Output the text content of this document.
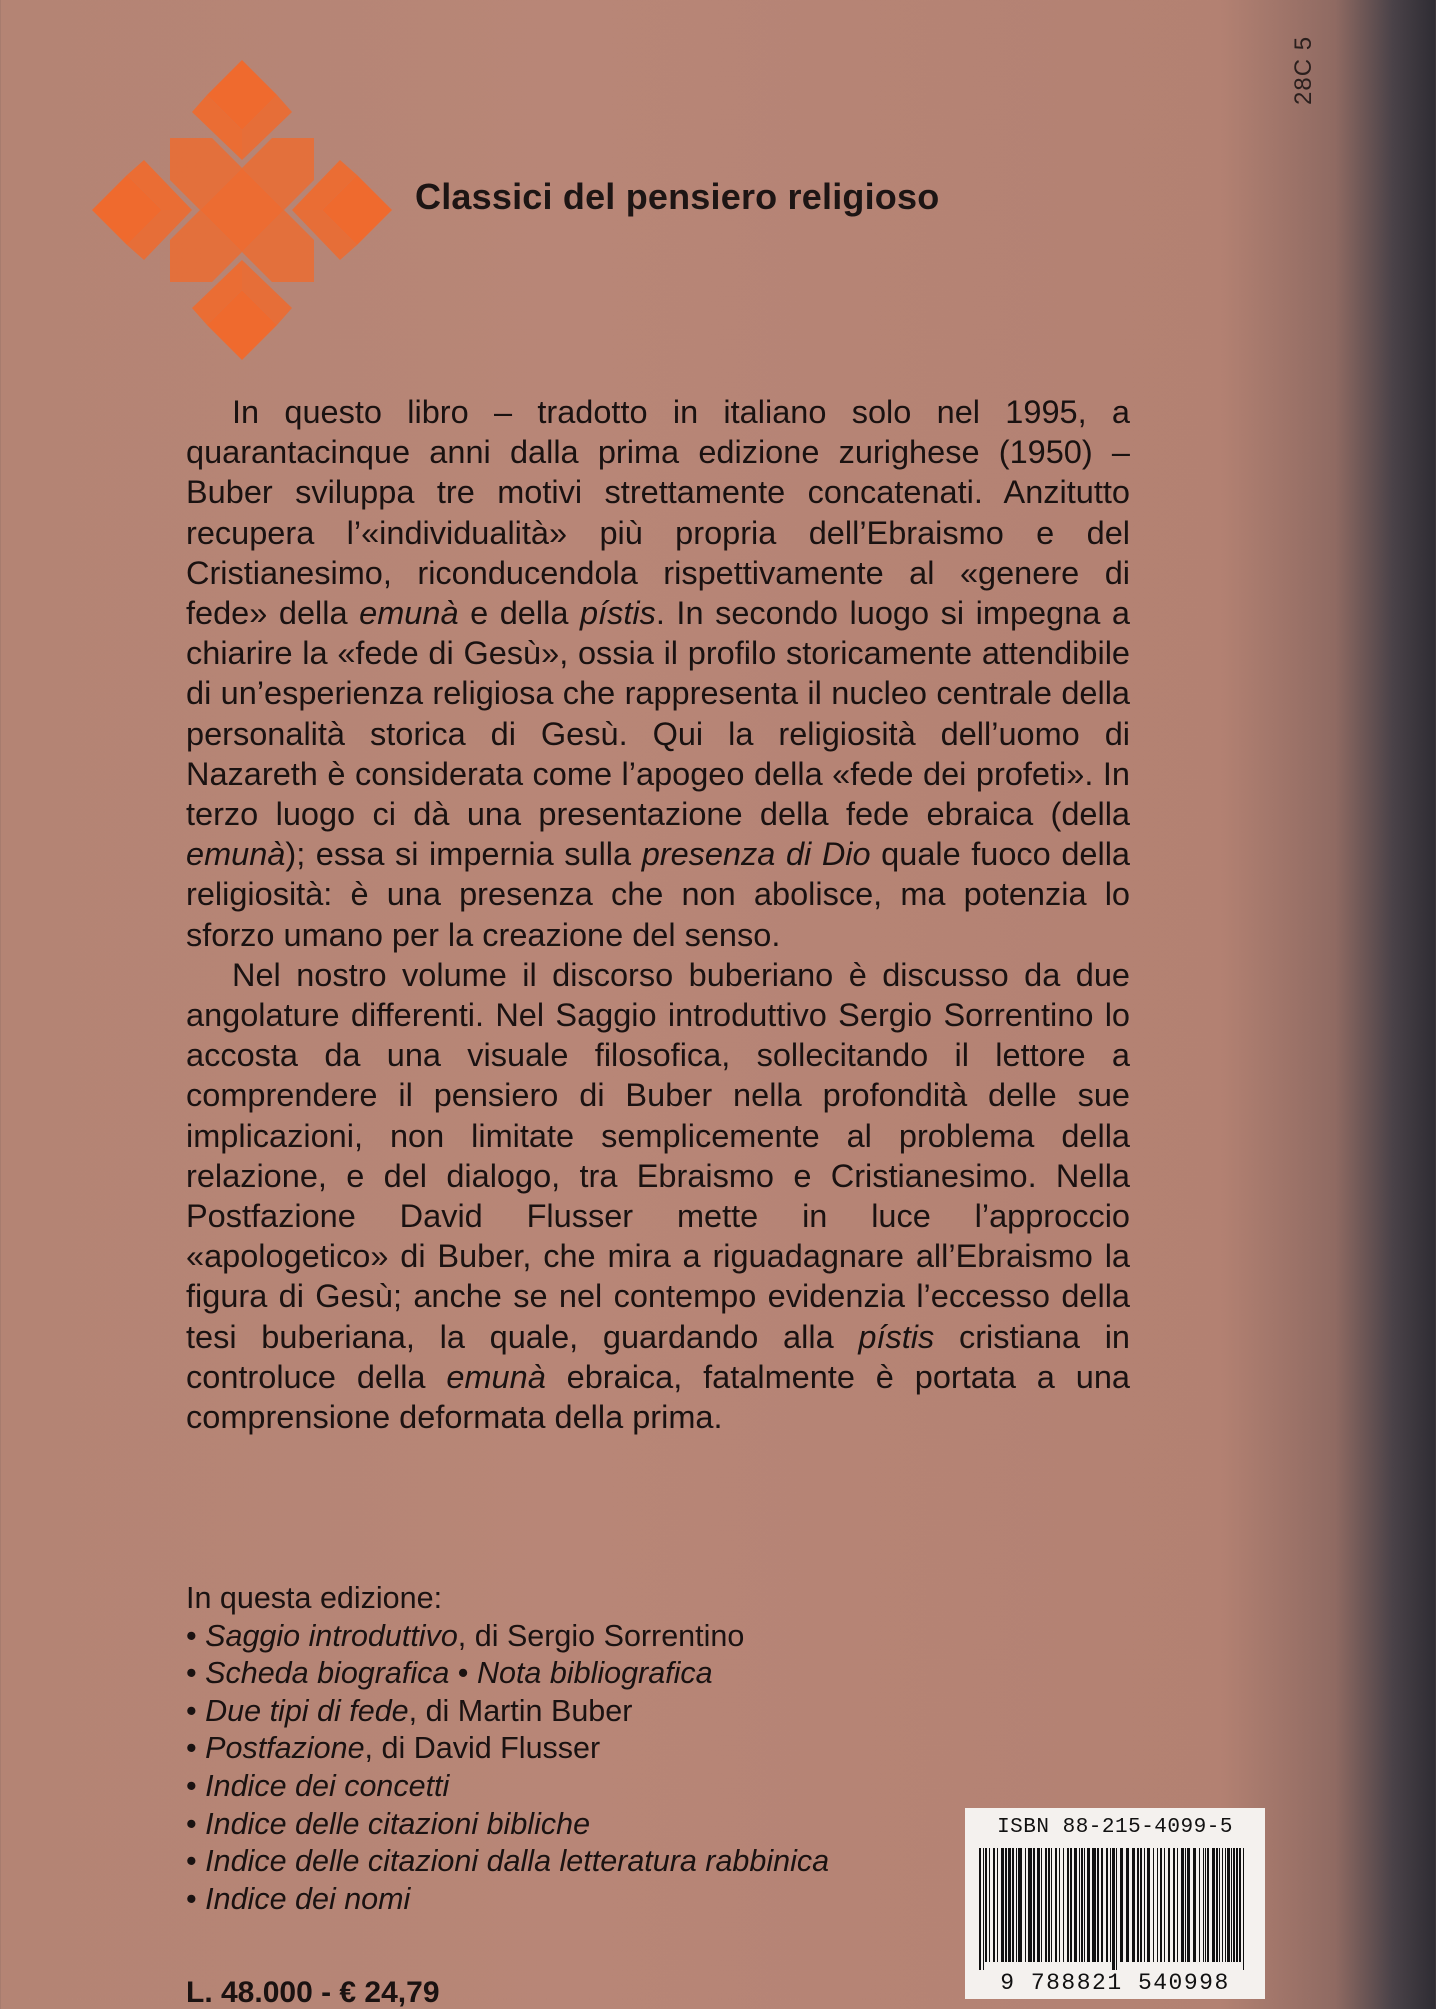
28C 5
Classici del pensiero religioso

In questo libro – tradotto in italiano solo nel 1995, a quarantacinque anni dalla prima edizione zurighese (1950) – Buber sviluppa tre motivi strettamente concatenati. Anzitutto recupera l’«individualità» più propria dell’Ebraismo e del Cristianesimo, riconducendola rispettivamente al «genere di fede» della emunà e della pístis. In secondo luogo si impegna a chiarire la «fede di Gesù», ossia il profilo storicamente attendibile di un’esperienza religiosa che rappresenta il nucleo centrale della personalità storica di Gesù. Qui la religiosità dell’uomo di Nazareth è considerata come l’apogeo della «fede dei profeti». In terzo luogo ci dà una presentazione della fede ebraica (della emunà); essa si impernia sulla presenza di Dio quale fuoco della religiosità: è una presenza che non abolisce, ma potenzia lo sforzo umano per la creazione del senso.

Nel nostro volume il discorso buberiano è discusso da due angolature differenti. Nel Saggio introduttivo Sergio Sorrentino lo accosta da una visuale filosofica, sollecitando il lettore a comprendere il pensiero di Buber nella profondità delle sue implicazioni, non limitate semplicemente al problema della relazione, e del dialogo, tra Ebraismo e Cristianesimo. Nella Postfazione David Flusser mette in luce l’approccio «apologetico» di Buber, che mira a riguadagnare all’Ebraismo la figura di Gesù; anche se nel contempo evidenzia l’eccesso della tesi buberiana, la quale, guardando alla pístis cristiana in controluce della emunà ebraica, fatalmente è portata a una comprensione deformata della prima.

In questa edizione:
• Saggio introduttivo, di Sergio Sorrentino
• Scheda biografica • Nota bibliografica
• Due tipi di fede, di Martin Buber
• Postfazione, di David Flusser
• Indice dei concetti
• Indice delle citazioni bibliche
• Indice delle citazioni dalla letteratura rabbinica
• Indice dei nomi
L. 48.000 - € 24,79
ISBN 88-215-4099-5
9 788821 540998
